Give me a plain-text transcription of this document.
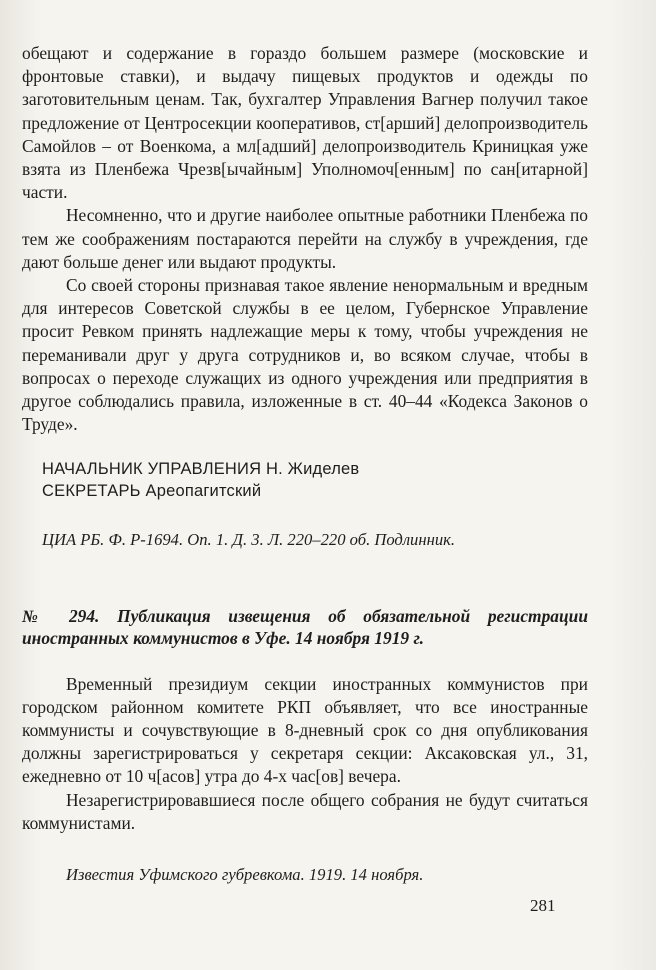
обещают и содержание в гораздо большем размере (московские и фронтовые ставки), и выдачу пищевых продуктов и одежды по заготовительным ценам. Так, бухгалтер Управления Вагнер получил такое предложение от Центросекции кооперативов, ст[арший] делопроизводитель Самойлов – от Военкома, а мл[адший] делопроизводитель Криницкая уже взята из Пленбежа Чрезв[ычайным] Уполномоч[енным] по сан[итарной] части.

Несомненно, что и другие наиболее опытные работники Пленбежа по тем же соображениям постараются перейти на службу в учреждения, где дают больше денег или выдают продукты.

Со своей стороны признавая такое явление ненормальным и вредным для интересов Советской службы в ее целом, Губернское Управление просит Ревком принять надлежащие меры к тому, чтобы учреждения не переманивали друг у друга сотрудников и, во всяком случае, чтобы в вопросах о переходе служащих из одного учреждения или предприятия в другое соблюдались правила, изложенные в ст. 40–44 «Кодекса Законов о Труде».

НАЧАЛЬНИК УПРАВЛЕНИЯ Н. Жиделев
СЕКРЕТАРЬ Ареопагитский
ЦИА РБ. Ф. Р-1694. Оп. 1. Д. 3. Л. 220–220 об. Подлинник.

№ 294. Публикация извещения об обязательной регистрации иностранных коммунистов в Уфе. 14 ноября 1919 г.

Временный президиум секции иностранных коммунистов при городском районном комитете РКП объявляет, что все иностранные коммунисты и сочувствующие в 8-дневный срок со дня опубликования должны зарегистрироваться у секретаря секции: Аксаковская ул., 31, ежедневно от 10 ч[асов] утра до 4-х час[ов] вечера.

Незарегистрировавшиеся после общего собрания не будут считаться коммунистами.

Известия Уфимского губревкома. 1919. 14 ноября.
281
